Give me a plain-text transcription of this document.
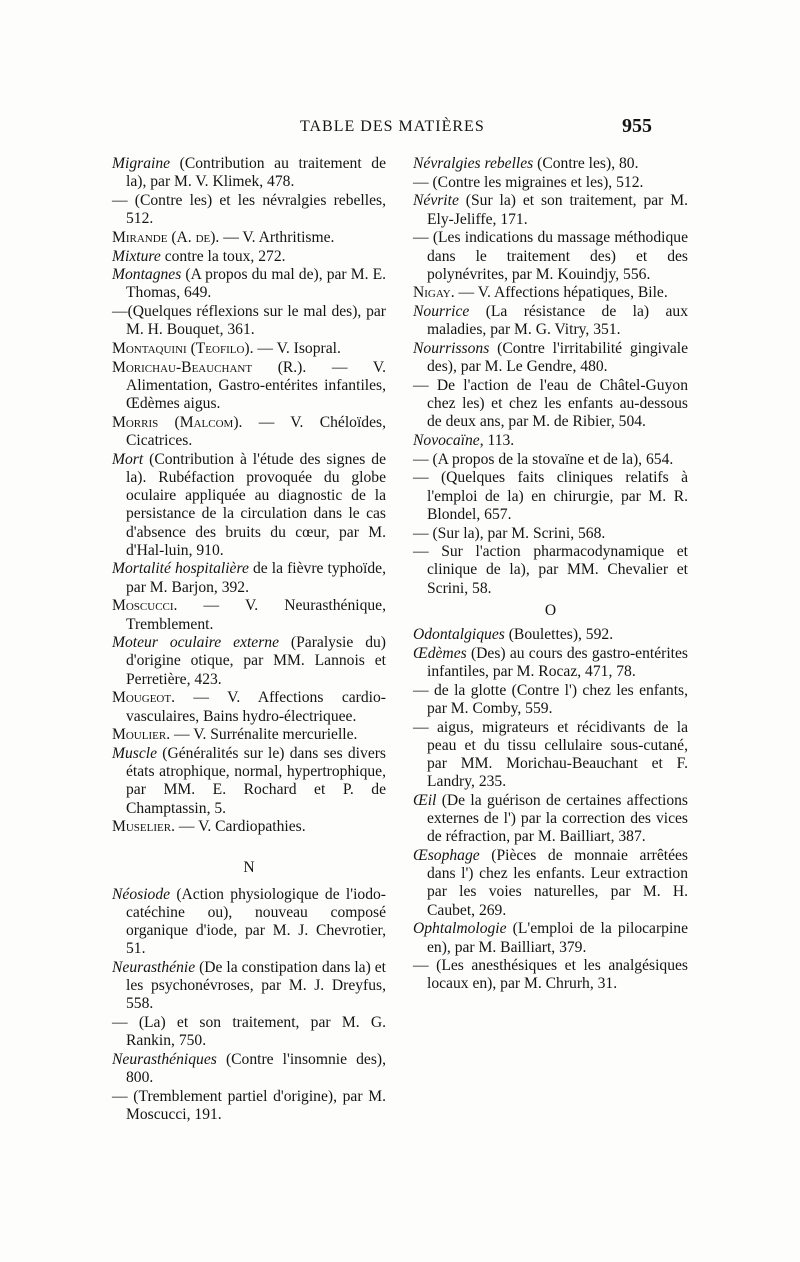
TABLE DES MATIÈRES	955
Migraine (Contribution au traitement de la), par M. V. Klimek, 478.
— (Contre les) et les névralgies rebelles, 512.
Mirande (A. de). — V. Arthritisme.
Mixture contre la toux, 272.
Montagnes (A propos du mal de), par M. E. Thomas, 649.
—(Quelques réflexions sur le mal des), par M. H. Bouquet, 361.
Montaquini (Teofilo). — V. Isopral.
Morichau-Beauchant (R.). — V. Alimentation, Gastro-entérites infantiles, Œdèmes aigus.
Morris (Malcom). — V. Chéloïdes, Cicatrices.
Mort (Contribution à l'étude des signes de la). Rubéfaction provoquée du globe oculaire appliquée au diagnostic de la persistance de la circulation dans le cas d'absence des bruits du cœur, par M. d'Hal-luin, 910.
Mortalité hospitalière de la fièvre typhoïde, par M. Barjon, 392.
Moscucci. — V. Neurasthénique, Tremblement.
Moteur oculaire externe (Paralysie du) d'origine otique, par MM. Lannois et Perretière, 423.
Mougeot. — V. Affections cardio-vasculaires, Bains hydro-électriquee.
Moulier. — V. Surrénalite mercurielle.
Muscle (Généralités sur le) dans ses divers états atrophique, normal, hypertrophique, par MM. E. Rochard et P. de Champtassin, 5.
Muselier. — V. Cardiopathies.
N
Néosiode (Action physiologique de l'iodo-catéchine ou), nouveau composé organique d'iode, par M. J. Chevrotier, 51.
Neurasthénie (De la constipation dans la) et les psychonévroses, par M. J. Dreyfus, 558.
— (La) et son traitement, par M. G. Rankin, 750.
Neurasthéniques (Contre l'insomnie des), 800.
— (Tremblement partiel d'origine), par M. Moscucci, 191.
Névralgies rebelles (Contre les), 80.
— (Contre les migraines et les), 512.
Névrite (Sur la) et son traitement, par M. Ely-Jeliffe, 171.
— (Les indications du massage méthodique dans le traitement des) et des polynévrites, par M. Kouindjy, 556.
Nigay. — V. Affections hépatiques, Bile.
Nourrice (La résistance de la) aux maladies, par M. G. Vitry, 351.
Nourrissons (Contre l'irritabilité gingivale des), par M. Le Gendre, 480.
— De l'action de l'eau de Châtel-Guyon chez les) et chez les enfants au-dessous de deux ans, par M. de Ribier, 504.
Novocaïne, 113.
— (A propos de la stovaïne et de la), 654.
— (Quelques faits cliniques relatifs à l'emploi de la) en chirurgie, par M. R. Blondel, 657.
— (Sur la), par M. Scrini, 568.
— Sur l'action pharmacodynamique et clinique de la), par MM. Chevalier et Scrini, 58.
O
Odontalgiques (Boulettes), 592.
Œdèmes (Des) au cours des gastro-entérites infantiles, par M. Rocaz, 471, 78.
— de la glotte (Contre l') chez les enfants, par M. Comby, 559.
— aigus, migrateurs et récidivants de la peau et du tissu cellulaire sous-cutané, par MM. Morichau-Beauchant et F. Landry, 235.
Œil (De la guérison de certaines affections externes de l') par la correction des vices de réfraction, par M. Bailliart, 387.
Œsophage (Pièces de monnaie arrêtées dans l') chez les enfants. Leur extraction par les voies naturelles, par M. H. Caubet, 269.
Ophtalmologie (L'emploi de la pilocarpine en), par M. Bailliart, 379.
— (Les anesthésiques et les analgésiques locaux en), par M. Chrurh, 31.
